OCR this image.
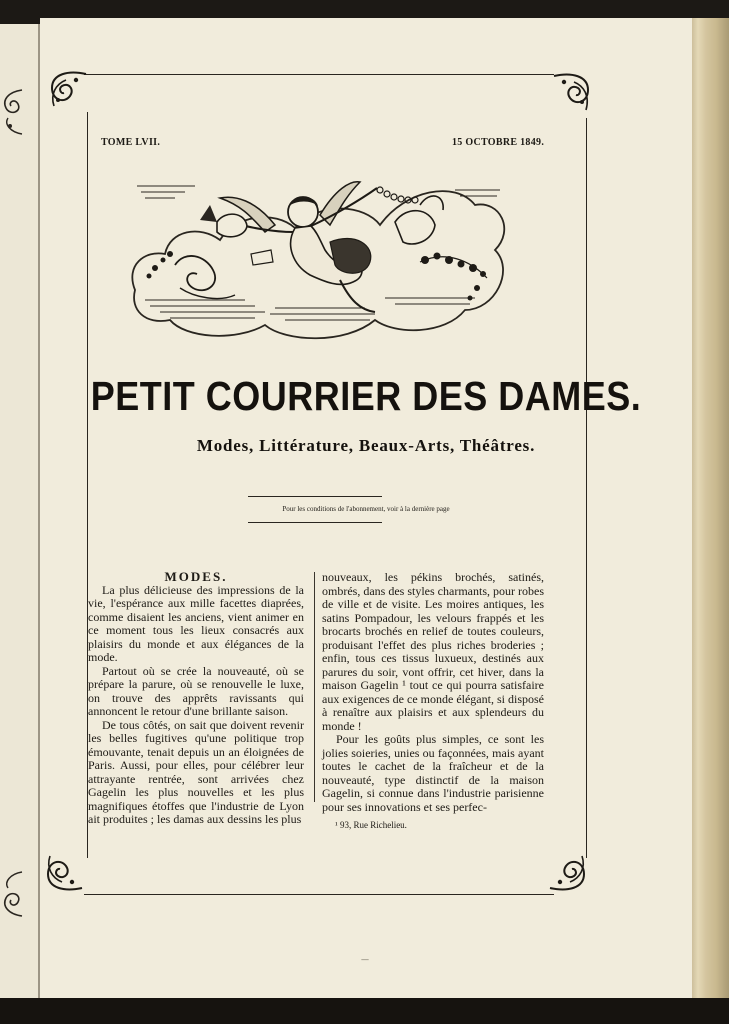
TOME LVII.	15 OCTOBRE 1849.
PETIT COURRIER DES DAMES.
Modes, Littérature, Beaux-Arts, Théâtres.
Pour les conditions de l'abonnement, voir à la dernière page

MODES.

La plus délicieuse des impressions de la vie, l'espérance aux mille facettes diaprées, comme disaient les anciens, vient animer en ce moment tous les lieux consacrés aux plaisirs du monde et aux élégances de la mode.

Partout où se crée la nouveauté, où se prépare la parure, où se renouvelle le luxe, on trouve des apprêts ravissants qui annoncent le retour d'une brillante saison.

De tous côtés, on sait que doivent revenir les belles fugitives qu'une politique trop émouvante, tenait depuis un an éloignées de Paris. Aussi, pour elles, pour célébrer leur attrayante rentrée, sont arrivées chez Gagelin les plus nouvelles et les plus magnifiques étoffes que l'industrie de Lyon ait produites ; les damas aux dessins les plus

nouveaux, les pékins brochés, satinés, ombrés, dans des styles charmants, pour robes de ville et de visite. Les moires antiques, les satins Pompadour, les velours frappés et les brocarts brochés en relief de toutes couleurs, produisant l'effet des plus riches broderies ; enfin, tous ces tissus luxueux, destinés aux parures du soir, vont offrir, cet hiver, dans la maison Gagelin ¹ tout ce qui pourra satisfaire aux exigences de ce monde élégant, si disposé à renaître aux plaisirs et aux splendeurs du monde !

Pour les goûts plus simples, ce sont les jolies soieries, unies ou façonnées, mais ayant toutes le cachet de la fraîcheur et de la nouveauté, type distinctif de la maison Gagelin, si connue dans l'industrie parisienne pour ses innovations et ses perfec-

¹ 93, Rue Richelieu.
—
